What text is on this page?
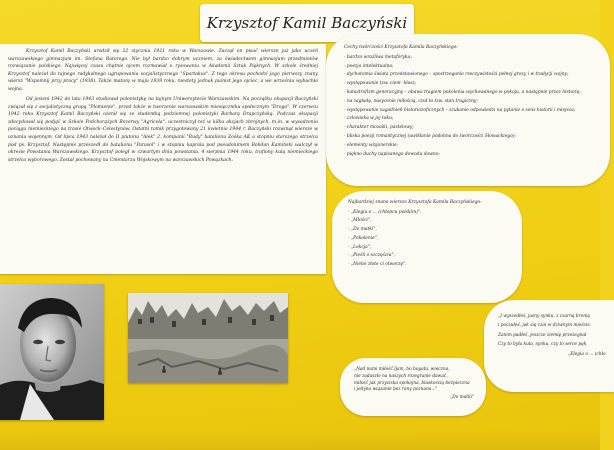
Krzysztof Kamil Baczyński

Krzysztof Kamil Baczyński urodził się 22 stycznia 1921 roku w Warszawie. Zaczął on pisać wiersze już jako uczeń warszawskiego gimnazjum im. Stefana Batorego. Nie był bardzo dobrym uczniem, za świadectwem gimnazjum przedmiotów rozwiązanie polskiego. Najwięcej czasu chętnie ojcem rozmawiał o rysowaniu w Akademii Sztuk Pięknych. W szkole średniej Krzysztof należał do tajnego radykalnego ugrupowania socjalistycznego "Spartakus". Z tego okresu pochodzi jego pierwszy znany wiersz "Wspomnij przy pracy" (1938). Także maturę w maju 1939 roku, niestety jednak pianist jego ojciec, a we wrześniu wybuchła wojna.

Od jesieni 1942 do lata 1943 studiował polonistykę na tajnym Uniwersytecie Warszawskim. Na początku okupacji Baczyński związał się z socjalistyczną grupą "Płomienie", przed także w tworzenie warszawskim miesięczniku społecznym "Droga". W czerwcu 1942 roku Krzysztof Kamil Baczyński ożenił się ze studentką podziemnej polonistyki Barbarą Drapczyńską. Podczas okupacji zdecydował się podjąć w Szkole Podchorążych Rezerwy "Agricola", uczestniczył też w kilku akcjach zbrojnych, m.in. w wysadzeniu pociągu niemieckiego na trasie Otwock–Celestynów. Ostatni tomik przygotowany 21 kwietnia 1944 r. Baczyński rozwinął wiersze w uznaniu wojennym. Od lipca 1943 należał do II plutonu "Alek" 2. kompanii "Rudy" batalionu Zośka AK a stopniu starszego strzelca pod ps. Krzysztof. Następnie przeszedł do batalionu "Parasol" i w stopniu kaprala pod pseudonimem Bohdan Kamiński walczył w okresie Powstania Warszawskiego. Krzysztof poległ w czwartym dniu powstania, 4 sierpnia 1944 roku, trafiony kulą niemieckiego strzelca wyborowego. Został pochowany na Cmentarzu Wojskowym na warszawskich Powązkach.

Cechy twórczości Krzysztofa Kamila Baczyńskiego:
- bardzo wrażliwa metaforyka;
- poezja intelektualna;
- dychotomia świata przedstawionego – spostrzeganie rzeczywistości pełnej grozy i w tradycji wojny;
- występowanie tzw. cieni- blasz;
- katastrofizm generacyjny – obawa tragiem pokolenia wychowanego w pokoju, a następnie przez historię;
- na zagładę, nasycenie miłością, czuł to tzw. stan tragiczny;
- występowanie zagadnień historiozoficznych – szukanie odpowiedzi na pytanie o sens historii i miejsca;
- człowieka w jej toku;
- charakter mozaiki, pastelowy;
- bliska poezji romantycznej (uwikłanie podobna do twórczości Słowackiego);
- elementy wizjonerskie;
- piękno duchy napisanego dowodu dawno;
Najbardziej znane wiersze Krzysztofa Kamila Baczyńskiego:
- „Elegia o ... (chłopcu polskim)",
- „Młości",
- „Do matki",
- „Pokolenie",
- „Lekcja",
- „Pieśń o szczęściu",
- „Niebo złote ci otworzę".
„Nad nami miłość ljam, bo bogata, wieczna,
nie zadaszło na naszych rozegranie dawać,
miłość jak przyciska spokojna, blaskością bezpieczna
i jedyna wiązanie bez rany poznana..."
„Do matki"
„I wyszedłeś, jasny synku, z czarną bronią
i poczułeś, jak się czai w dziwnym mieście
Zanim padłeś, jeszcze ziemię przeżegnał
Czy to była kula, synku, czy to serce pęk
„Elegia o ... (chło
